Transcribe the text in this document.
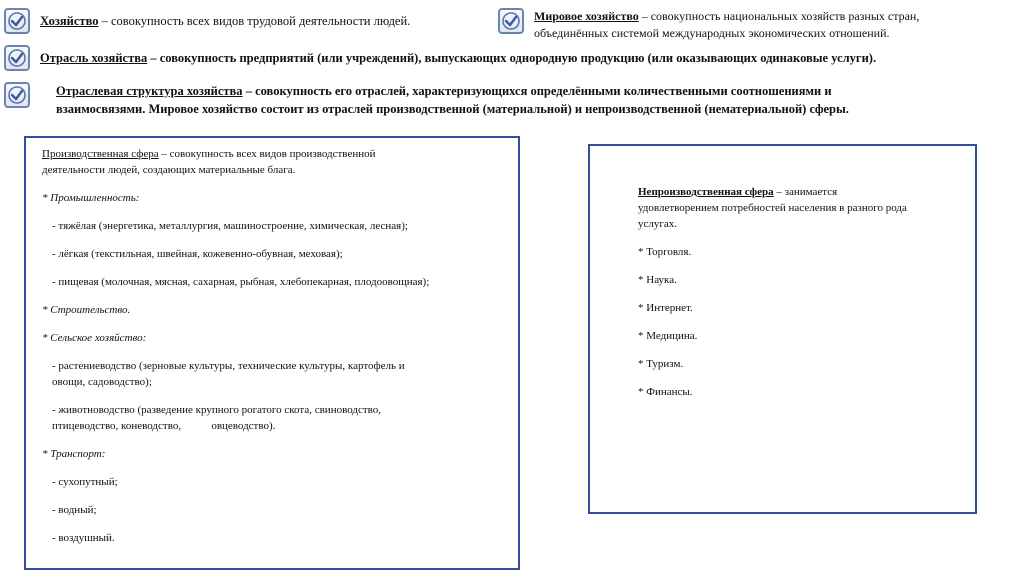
Хозяйство – совокупность всех видов трудовой деятельности людей.	Мировое хозяйство – совокупность национальных хозяйств разных стран,
объединённых системой международных экономических отношений.
Отрасль хозяйства – совокупность предприятий (или учреждений), выпускающих однородную продукцию (или оказывающих одинаковые услуги).
Отраслевая структура хозяйства – совокупность его отраслей, характеризующихся определёнными количественными соотношениями и
взаимосвязями. Мировое хозяйство состоит из отраслей производственной (материальной) и непроизводственной (нематериальной) сферы.

Производственная сфера – совокупность всех видов производственной
деятельности людей, создающих материальные блага.

* Промышленность:

- тяжёлая (энергетика, металлургия, машиностроение, химическая, лесная);

- лёгкая (текстильная, швейная, кожевенно-обувная, меховая);

- пищевая (молочная, мясная, сахарная, рыбная, хлебопекарная, плодоовощная);

* Строительство.

* Сельское хозяйство:

- растениеводство (зерновые культуры, технические культуры, картофель и
овощи, садоводство);

- животноводство (разведение крупного рогатого скота, свиноводство,
птицеводство, коневодство,           овцеводство).

* Транспорт:

- сухопутный;

- водный;

- воздушный.

Непроизводственная сфера – занимается
удовлетворением потребностей населения в разного рода
услугах.

* Торговля.

* Наука.

* Интернет.

* Медицина.

* Туризм.

* Финансы.
